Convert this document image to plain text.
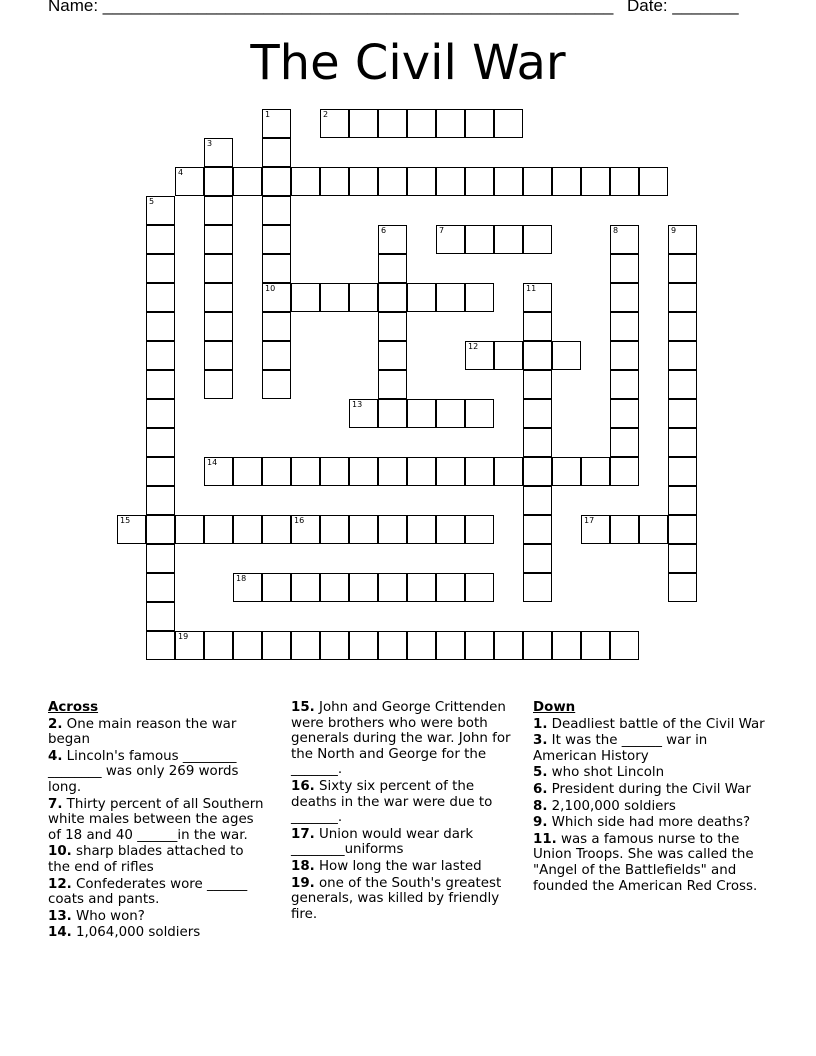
Name: ______________________________________________________ Date: _______
The Civil War
1
10
2
3
4
5
6	7	8	9
11
12
13
14
15	16	17
18
19
Across
2. One main reason the war began
4. Lincoln's famous ________ ________ was only 269 words long.
7. Thirty percent of all Southern white males between the ages of 18 and 40 ______in the war.
10. sharp blades attached to the end of rifles
12. Confederates wore ______ coats and pants.
13. Who won?
14. 1,064,000 soldiers
15. John and George Crittenden were brothers who were both generals during the war. John for the North and George for the _______.
16. Sixty six percent of the deaths in the war were due to _______.
17. Union would wear dark ________uniforms
18. How long the war lasted
19. one of the South's greatest generals, was killed by friendly fire.
Down
1. Deadliest battle of the Civil War
3. It was the ______ war in American History
5. who shot Lincoln
6. President during the Civil War
8. 2,100,000 soldiers
9. Which side had more deaths?
11. was a famous nurse to the Union Troops. She was called the "Angel of the Battlefields" and founded the American Red Cross.
